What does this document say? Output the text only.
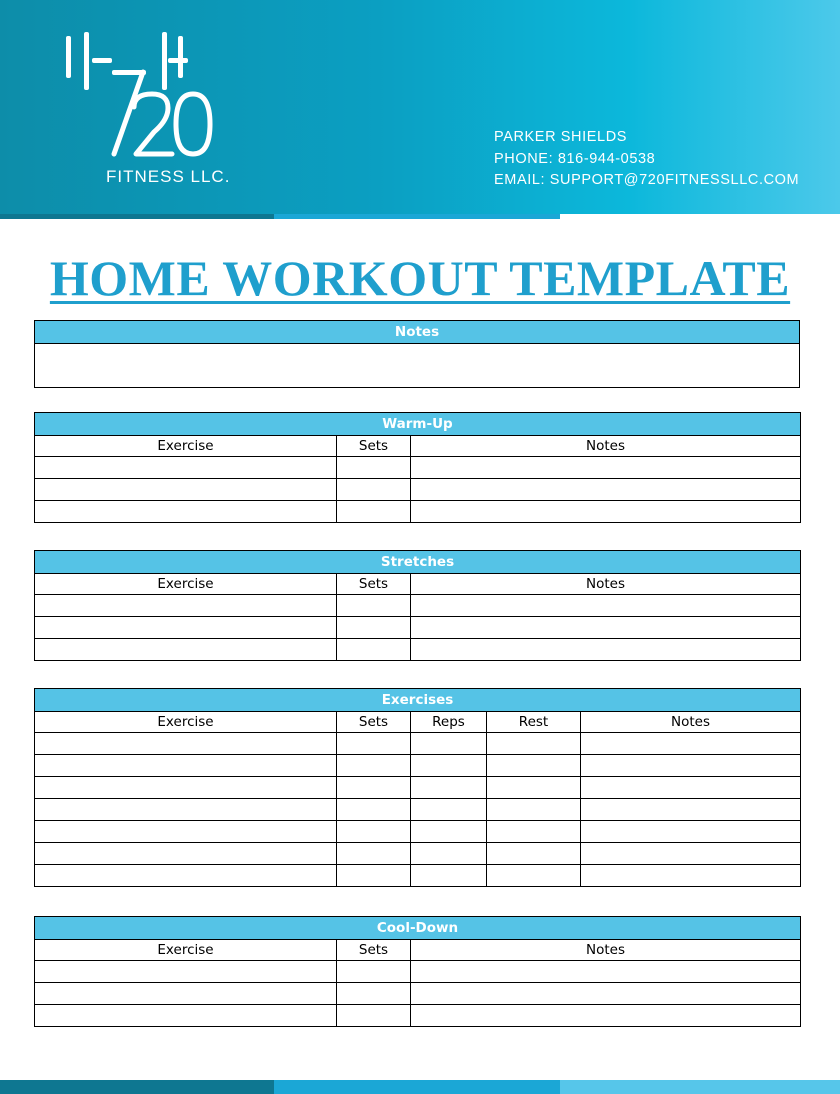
FITNESS LLC.
PARKER SHIELDS
PHONE: 816-944-0538
EMAIL: SUPPORT@720FITNESSLLC.COM
HOME WORKOUT TEMPLATE
Notes

Warm-Up		
Exercise	Sets	Notes

Stretches		
Exercise	Sets	Notes

Exercises				
Exercise	Sets	Reps	Rest	Notes

Cool-Down		
Exercise	Sets	Notes
